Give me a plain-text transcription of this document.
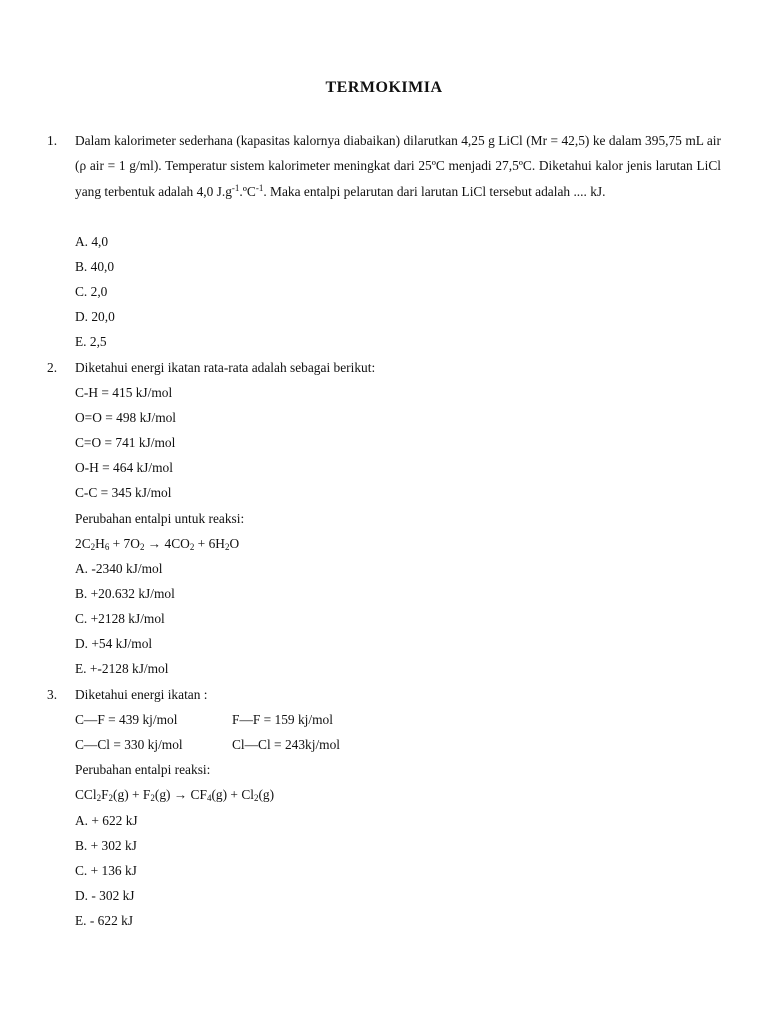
TERMOKIMIA
1. Dalam kalorimeter sederhana (kapasitas kalornya diabaikan) dilarutkan 4,25 g LiCl (Mr = 42,5) ke dalam 395,75 mL air (ρ air = 1 g/ml). Temperatur sistem kalorimeter meningkat dari 25ºC menjadi 27,5ºC. Diketahui kalor jenis larutan LiCl yang terbentuk adalah 4,0 $J.g^{-1}.ºC^{-1}$. Maka entalpi pelarutan dari larutan LiCl tersebut adalah .... kJ.
A. 4,0
B. 40,0
C. 2,0
D. 20,0
E. 2,5
2. Diketahui energi ikatan rata-rata adalah sebagai berikut:
C-H = 415 kJ/mol
O=O = 498 kJ/mol
C=O = 741 kJ/mol
O-H = 464 kJ/mol
C-C = 345 kJ/mol
Perubahan entalpi untuk reaksi:
$2C_2H_6 + 7O_2 \to 4CO_2 + 6H_2O$
A. -2340 kJ/mol
B. +20.632 kJ/mol
C. +2128 kJ/mol
D. +54 kJ/mol
E. +-2128 kJ/mol
3. Diketahui energi ikatan :
C—F = 439 kj/mol	F—F = 159 kj/mol
C—Cl = 330 kj/mol	Cl—Cl = 243kj/mol
Perubahan entalpi reaksi:
$CCl_2F_2(g) + F_2(g) \to CF_4(g) + Cl_2(g)$
A. + 622 kJ
B. + 302 kJ
C. + 136 kJ
D. - 302 kJ
E. - 622 kJ
